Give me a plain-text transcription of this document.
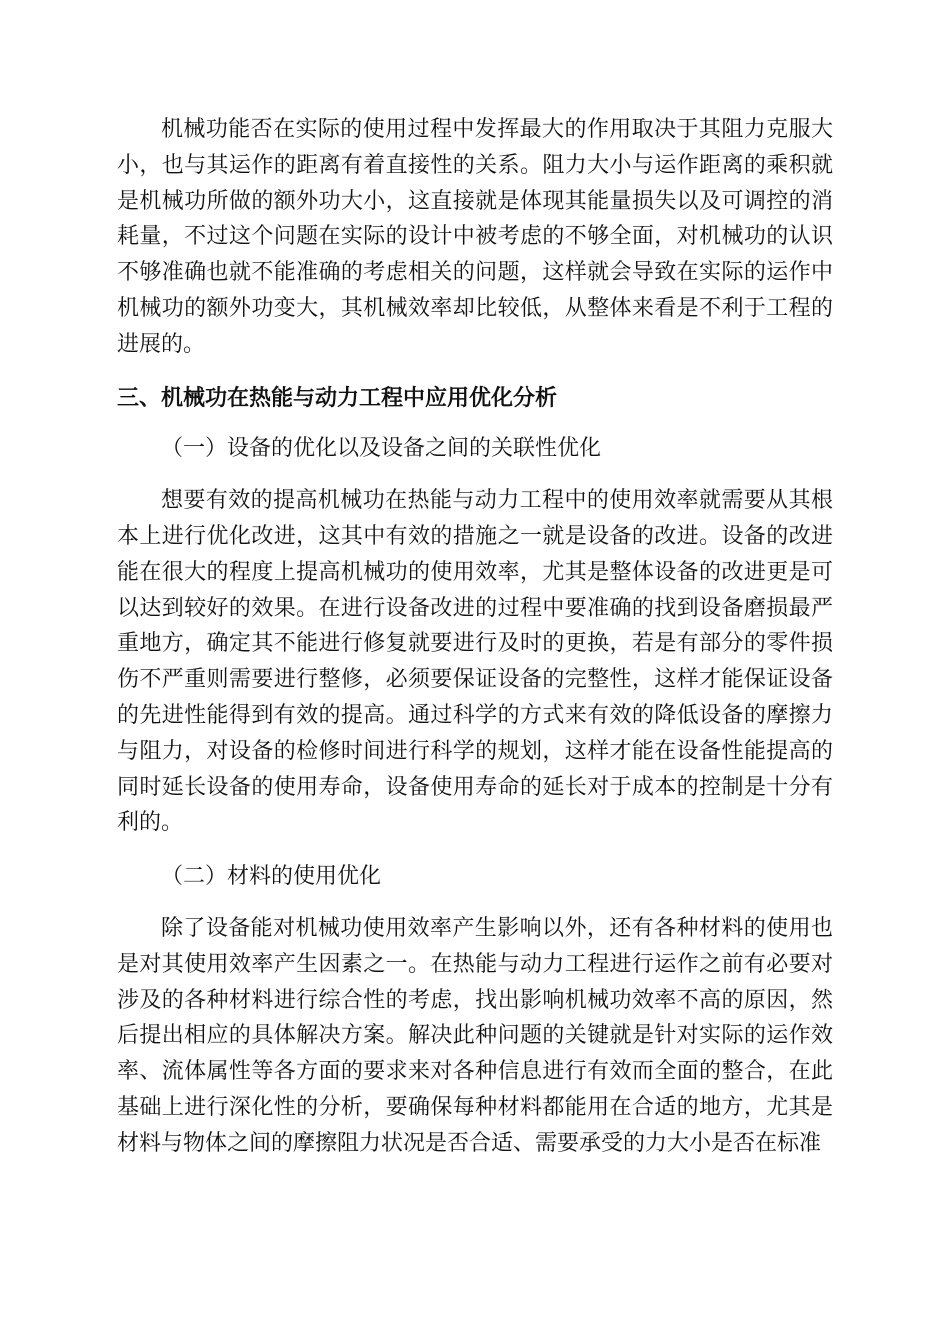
机械功能否在实际的使用过程中发挥最大的作用取决于其阻力克服大小，也与其运作的距离有着直接性的关系。阻力大小与运作距离的乘积就是机械功所做的额外功大小，这直接就是体现其能量损失以及可调控的消耗量，不过这个问题在实际的设计中被考虑的不够全面，对机械功的认识不够准确也就不能准确的考虑相关的问题，这样就会导致在实际的运作中机械功的额外功变大，其机械效率却比较低，从整体来看是不利于工程的进展的。

三、机械功在热能与动力工程中应用优化分析

（一）设备的优化以及设备之间的关联性优化

想要有效的提高机械功在热能与动力工程中的使用效率就需要从其根本上进行优化改进，这其中有效的措施之一就是设备的改进。设备的改进能在很大的程度上提高机械功的使用效率，尤其是整体设备的改进更是可以达到较好的效果。在进行设备改进的过程中要准确的找到设备磨损最严重地方，确定其不能进行修复就要进行及时的更换，若是有部分的零件损伤不严重则需要进行整修，必须要保证设备的完整性，这样才能保证设备的先进性能得到有效的提高。通过科学的方式来有效的降低设备的摩擦力与阻力，对设备的检修时间进行科学的规划，这样才能在设备性能提高的同时延长设备的使用寿命，设备使用寿命的延长对于成本的控制是十分有利的。

（二）材料的使用优化

除了设备能对机械功使用效率产生影响以外，还有各种材料的使用也是对其使用效率产生因素之一。在热能与动力工程进行运作之前有必要对涉及的各种材料进行综合性的考虑，找出影响机械功效率不高的原因，然后提出相应的具体解决方案。解决此种问题的关键就是针对实际的运作效率、流体属性等各方面的要求来对各种信息进行有效而全面的整合，在此基础上进行深化性的分析，要确保每种材料都能用在合适的地方，尤其是材料与物体之间的摩擦阻力状况是否合适、需要承受的力大小是否在标准
